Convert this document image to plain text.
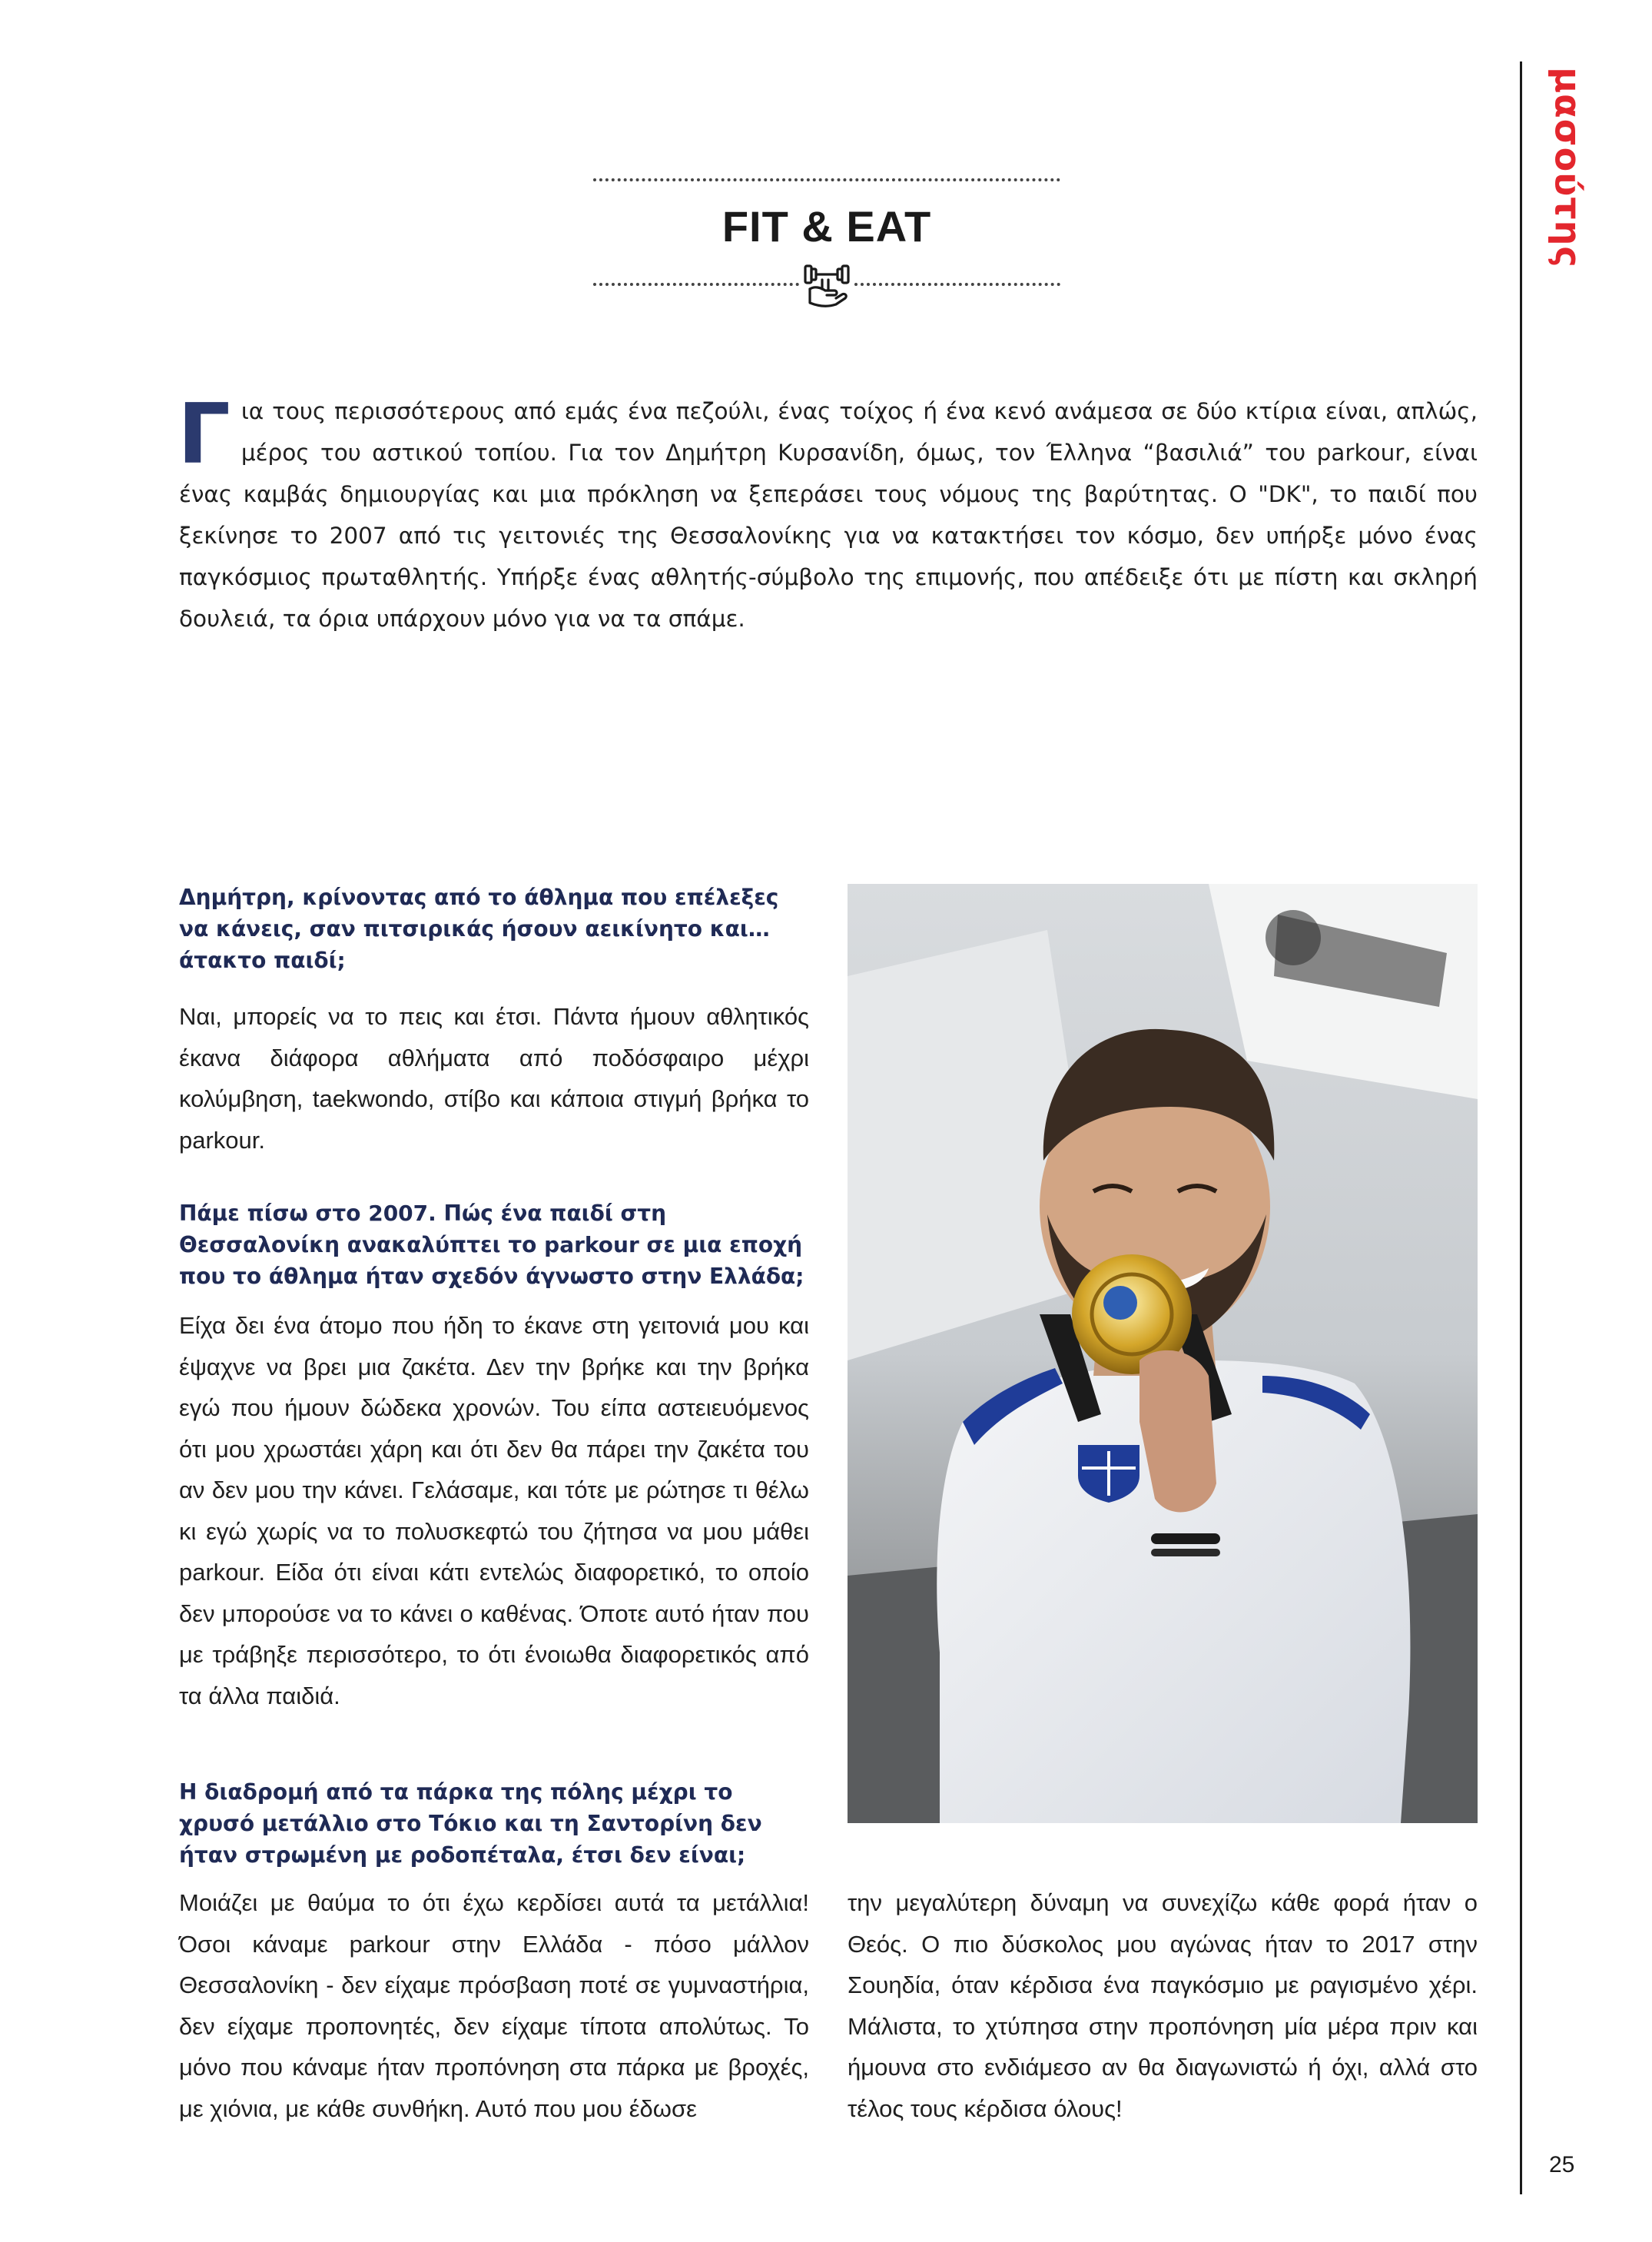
μασούτης
FIT & EAT

Για τους περισσότερους από εμάς ένα πεζούλι, ένας τοίχος ή ένα κενό ανάμεσα σε δύο κτίρια είναι, απλώς, μέρος του αστικού τοπίου. Για τον Δημήτρη Κυρσανίδη, όμως, τον Έλληνα “βασιλιά” του parkour, είναι ένας καμβάς δημιουργίας και μια πρόκληση να ξεπεράσει τους νόμους της βαρύτητας. Ο "DK", το παιδί που ξεκίνησε το 2007 από τις γειτονιές της Θεσσαλονίκης για να κατακτήσει τον κόσμο, δεν υπήρξε μόνο ένας παγκόσμιος πρωταθλητής. Υπήρξε ένας αθλητής-σύμβολο της επιμονής, που απέδειξε ότι με πίστη και σκληρή δουλειά, τα όρια υπάρχουν μόνο για να τα σπάμε.

Δημήτρη, κρίνοντας από το άθλημα που επέλεξες να κάνεις, σαν πιτσιρικάς ήσουν αεικίνητο και… άτακτο παιδί;

Ναι, μπορείς να το πεις και έτσι. Πάντα ήμουν αθλητικός έκανα διάφορα αθλήματα από ποδόσφαιρο μέχρι κολύμβηση, taekwondo, στίβο και κάποια στιγμή βρήκα το parkour.

Πάμε πίσω στο 2007. Πώς ένα παιδί στη Θεσσαλονίκη ανακαλύπτει το parkour σε μια εποχή που το άθλημα ήταν σχεδόν άγνωστο στην Ελλάδα;

Είχα δει ένα άτομο που ήδη το έκανε στη γειτονιά μου και έψαχνε να βρει μια ζακέτα. Δεν την βρήκε και την βρήκα εγώ που ήμουν δώδεκα χρονών. Του είπα αστειευόμενος ότι μου χρωστάει χάρη και ότι δεν θα πάρει την ζακέτα του αν δεν μου την κάνει. Γελάσαμε, και τότε με ρώτησε τι θέλω κι εγώ χωρίς να το πολυσκεφτώ του ζήτησα να μου μάθει parkour. Είδα ότι είναι κάτι εντελώς διαφορετικό, το οποίο δεν μπορούσε να το κάνει ο καθένας. Όποτε αυτό ήταν που με τράβηξε περισσότερο, το ότι ένοιωθα διαφορετικός από τα άλλα παιδιά.

Η διαδρομή από τα πάρκα της πόλης μέχρι το χρυσό μετάλλιο στο Τόκιο και τη Σαντορίνη δεν ήταν στρωμένη με ροδοπέταλα, έτσι δεν είναι;

Μοιάζει με θαύμα το ότι έχω κερδίσει αυτά τα μετάλλια! Όσοι κάναμε parkour στην Ελλάδα - πόσο μάλλον Θεσσαλονίκη - δεν είχαμε πρόσβαση ποτέ σε γυμναστήρια, δεν είχαμε προπονητές, δεν είχαμε τίποτα απολύτως. Το μόνο που κάναμε ήταν προπόνηση στα πάρκα με βροχές, με χιόνια, με κάθε συνθήκη. Αυτό που μου έδωσε

την μεγαλύτερη δύναμη να συνεχίζω κάθε φορά ήταν ο Θεός. Ο πιο δύσκολος μου αγώνας ήταν το 2017 στην Σουηδία, όταν κέρδισα ένα παγκόσμιο με ραγισμένο χέρι. Μάλιστα, το χτύπησα στην προπόνηση μία μέρα πριν και ήμουνα στο ενδιάμεσο αν θα διαγωνιστώ ή όχι, αλλά στο τέλος τους κέρδισα όλους!

25
